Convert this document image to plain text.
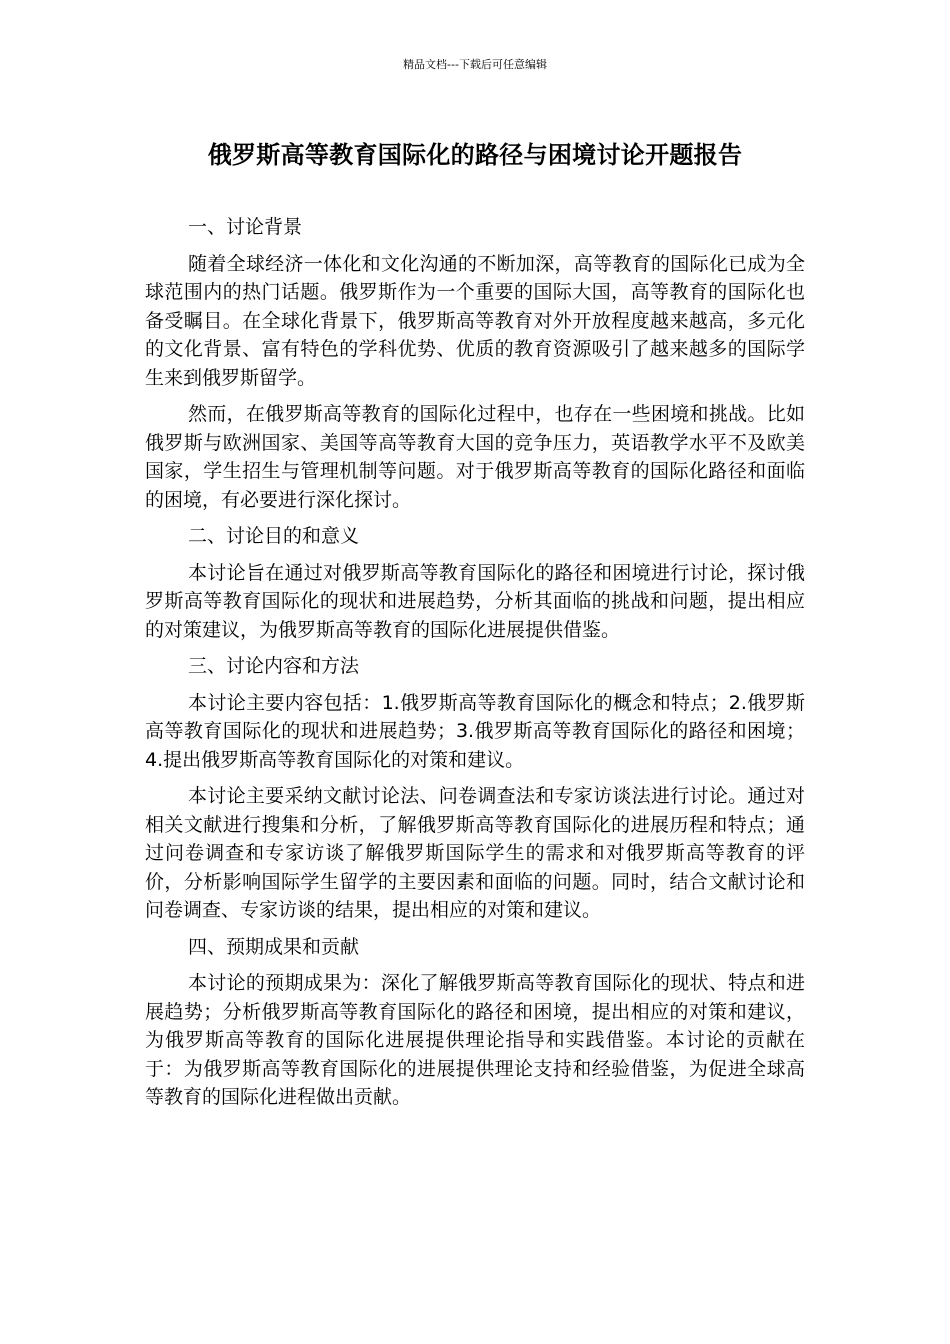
精品文档---下载后可任意编辑
俄罗斯高等教育国际化的路径与困境讨论开题报告
一、讨论背景

随着全球经济一体化和文化沟通的不断加深，高等教育的国际化已成为全球范围内的热门话题。俄罗斯作为一个重要的国际大国，高等教育的国际化也备受瞩目。在全球化背景下，俄罗斯高等教育对外开放程度越来越高，多元化的文化背景、富有特色的学科优势、优质的教育资源吸引了越来越多的国际学生来到俄罗斯留学。

然而，在俄罗斯高等教育的国际化过程中，也存在一些困境和挑战。比如俄罗斯与欧洲国家、美国等高等教育大国的竞争压力，英语教学水平不及欧美国家，学生招生与管理机制等问题。对于俄罗斯高等教育的国际化路径和面临的困境，有必要进行深化探讨。

二、讨论目的和意义

本讨论旨在通过对俄罗斯高等教育国际化的路径和困境进行讨论，探讨俄罗斯高等教育国际化的现状和进展趋势，分析其面临的挑战和问题，提出相应的对策建议，为俄罗斯高等教育的国际化进展提供借鉴。

三、讨论内容和方法

本讨论主要内容包括：1.俄罗斯高等教育国际化的概念和特点；2.俄罗斯高等教育国际化的现状和进展趋势；3.俄罗斯高等教育国际化的路径和困境；4.提出俄罗斯高等教育国际化的对策和建议。

本讨论主要采纳文献讨论法、问卷调查法和专家访谈法进行讨论。通过对相关文献进行搜集和分析，了解俄罗斯高等教育国际化的进展历程和特点；通过问卷调查和专家访谈了解俄罗斯国际学生的需求和对俄罗斯高等教育的评价，分析影响国际学生留学的主要因素和面临的问题。同时，结合文献讨论和问卷调查、专家访谈的结果，提出相应的对策和建议。

四、预期成果和贡献

本讨论的预期成果为：深化了解俄罗斯高等教育国际化的现状、特点和进展趋势；分析俄罗斯高等教育国际化的路径和困境，提出相应的对策和建议，为俄罗斯高等教育的国际化进展提供理论指导和实践借鉴。本讨论的贡献在于：为俄罗斯高等教育国际化的进展提供理论支持和经验借鉴，为促进全球高等教育的国际化进程做出贡献。
